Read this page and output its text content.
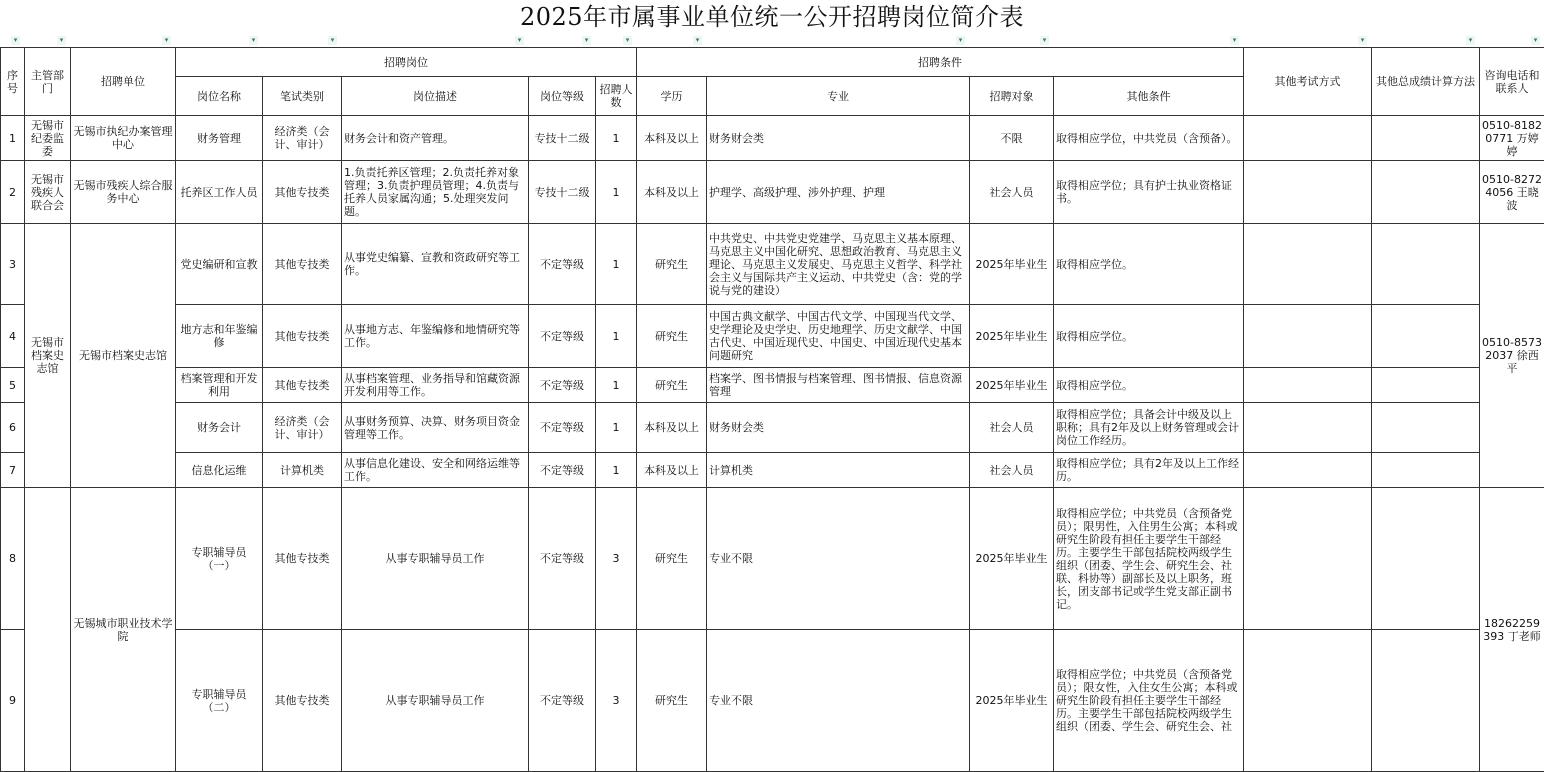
2025年市属事业单位统一公开招聘岗位简介表
▾	▾	▾	▾	▾	▾	▾	▾	▾	▾	▾	▾	▾	▾	▾
序号	主管部门	招聘单位	招聘岗位					招聘条件				其他考试方式	其他总成绩计算方法	咨询电话和联系人
			岗位名称	笔试类别	岗位描述	岗位等级	招聘人数	学历	专业	招聘对象	其他条件			
1	无锡市纪委监委	无锡市执纪办案管理中心	财务管理	经济类（会计、审计）	财务会计和资产管理。	专技十二级	1	本科及以上	财务财会类	不限	取得相应学位，中共党员（含预备）。			0510-81820771 万婷婷
2	无锡市残疾人联合会	无锡市残疾人综合服务中心	托养区工作人员	其他专技类	1.负责托养区管理；2.负责托养对象管理；3.负责护理员管理；4.负责与托养人员家属沟通；5.处理突发问题。	专技十二级	1	本科及以上	护理学、高级护理、涉外护理、护理	社会人员	取得相应学位；具有护士执业资格证书。			0510-82724056 王晓波
3	无锡市档案史志馆	无锡市档案史志馆	党史编研和宣教	其他专技类	从事党史编纂、宣教和资政研究等工作。	不定等级	1	研究生	中共党史、中共党史党建学、马克思主义基本原理、马克思主义中国化研究、思想政治教育、马克思主义理论、马克思主义发展史、马克思主义哲学、科学社会主义与国际共产主义运动、中共党史（含：党的学说与党的建设）	2025年毕业生	取得相应学位。			0510-85732037 徐西平
4			地方志和年鉴编修	其他专技类	从事地方志、年鉴编修和地情研究等工作。	不定等级	1	研究生	中国古典文献学、中国古代文学、中国现当代文学、史学理论及史学史、历史地理学、历史文献学、中国古代史、中国近现代史、中国史、中国近现代史基本问题研究	2025年毕业生	取得相应学位。			
5			档案管理和开发利用	其他专技类	从事档案管理、业务指导和馆藏资源开发利用等工作。	不定等级	1	研究生	档案学、图书情报与档案管理、图书情报、信息资源管理	2025年毕业生	取得相应学位。			
6			财务会计	经济类（会计、审计）	从事财务预算、决算、财务项目资金管理等工作。	不定等级	1	本科及以上	财务财会类	社会人员	取得相应学位；具备会计中级及以上职称；具有2年及以上财务管理或会计岗位工作经历。			
7			信息化运维	计算机类	从事信息化建设、安全和网络运维等工作。	不定等级	1	本科及以上	计算机类	社会人员	取得相应学位；具有2年及以上工作经历。			
8		无锡城市职业技术学院	专职辅导员（一）	其他专技类	从事专职辅导员工作	不定等级	3	研究生	专业不限	2025年毕业生	取得相应学位；中共党员（含预备党员）；限男性，入住男生公寓；本科或研究生阶段有担任主要学生干部经历。主要学生干部包括院校两级学生组织（团委、学生会、研究生会、社联、科协等）副部长及以上职务，班长，团支部书记或学生党支部正副书记。			18262259393 丁老师
9			专职辅导员（二）	其他专技类	从事专职辅导员工作	不定等级	3	研究生	专业不限	2025年毕业生	取得相应学位；中共党员（含预备党员）；限女性，入住女生公寓；本科或研究生阶段有担任主要学生干部经历。主要学生干部包括院校两级学生组织（团委、学生会、研究生会、社			
